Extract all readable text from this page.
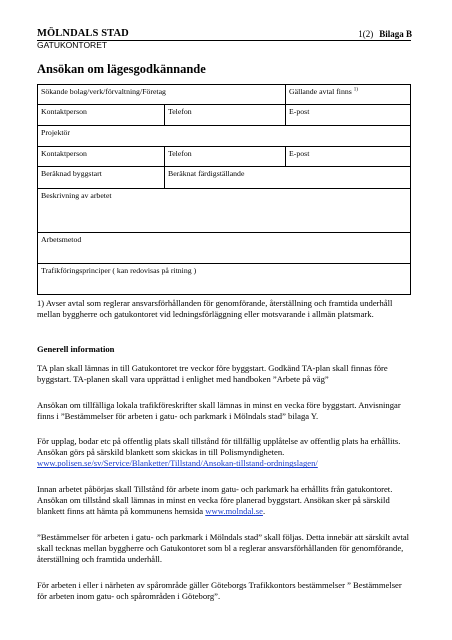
MÖLNDALS STAD
GATUKONTORET
1(2) Bilaga B
Ansökan om lägesgodkännande
Sökande bolag/verk/förvaltning/Företag	Gällande avtal finns $^{1)}$
Kontaktperson	Telefon	E-post
Projektör
Kontaktperson	Telefon	E-post
Beräknad byggstart	Beräknat färdigställande
Beskrivning av arbetet
Arbetsmetod
Trafikföringsprinciper ( kan redovisas på ritning )

1) Avser avtal som reglerar ansvarsförhållanden för genomförande, återställning och framtida underhåll mellan byggherre och gatukontoret vid ledningsförläggning eller motsvarande i allmän platsmark.

Generell information

TA plan skall lämnas in till Gatukontoret tre veckor före byggstart. Godkänd TA-plan skall finnas före byggstart. TA-planen skall vara upprättad i enlighet med handboken ”Arbete på väg”

Ansökan om tillfälliga lokala trafikföreskrifter skall lämnas in minst en vecka före byggstart. Anvisningar finns i ”Bestämmelser för arbeten i gatu- och parkmark i Mölndals stad” bilaga Y.

För upplag, bodar etc på offentlig plats skall tillstånd för tillfällig upplåtelse av offentlig plats ha erhållits. Ansökan görs på särskild blankett som skickas in till Polismyndigheten. www.polisen.se/sv/Service/Blanketter/Tillstand/Ansokan-tillstand-ordningslagen/

Innan arbetet påbörjas skall Tillstånd för arbete inom gatu- och parkmark ha erhållits från gatukontoret. Ansökan om tillstånd skall lämnas in minst en vecka före planerad byggstart. Ansökan sker på särskild blankett finns att hämta på kommunens hemsida www.molndal.se.

”Bestämmelser för arbeten i gatu- och parkmark i Mölndals stad” skall följas. Detta innebär att särskilt avtal skall tecknas mellan byggherre och Gatukontoret som bl a reglerar ansvarsförhållanden för genomförande, återställning och framtida underhåll.

För arbeten i eller i närheten av spårområde gäller Göteborgs Trafikkontors bestämmelser ” Bestämmelser för arbeten inom gatu- och spårområden i Göteborg”.
